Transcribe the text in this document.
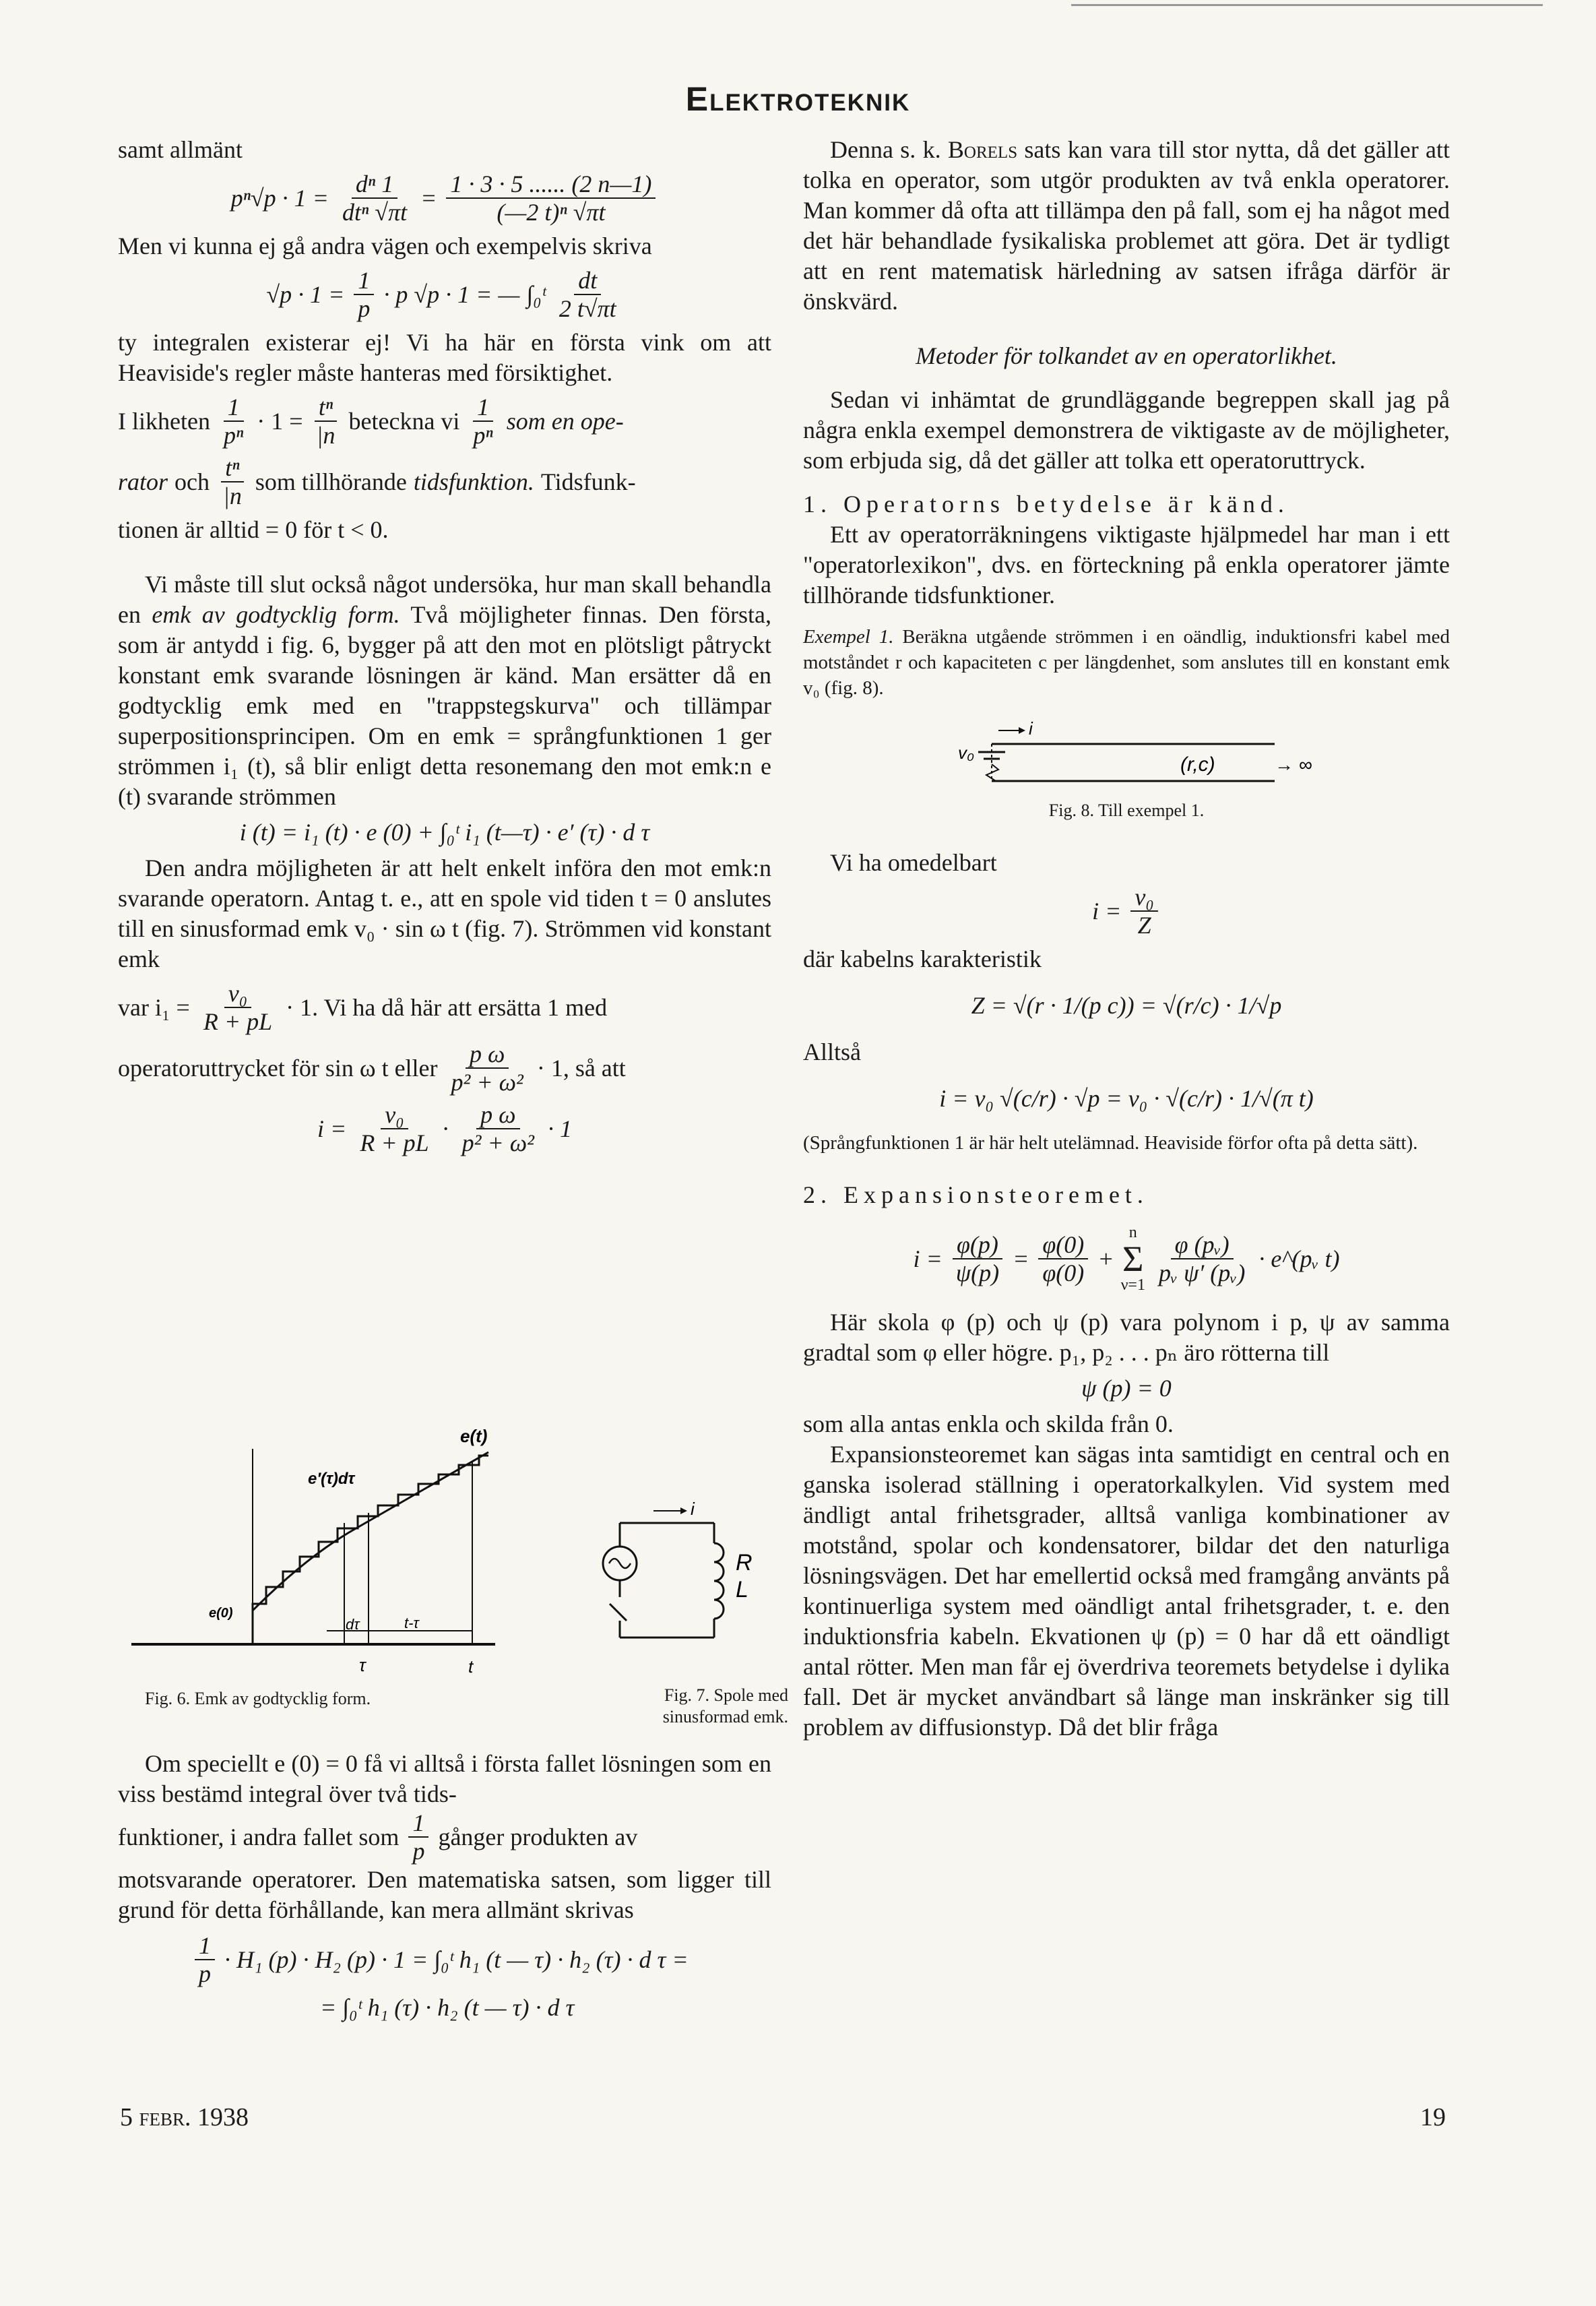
Elektroteknik

samt allmänt

$p^n√p \cdot 1 = \frac{\text{dⁿ 1}}{\text{dtⁿ √πt}} = \frac{1 \cdot 3 \cdot 5 ...... (2 n—1)}{\text{(—2 t)ⁿ √πt}}$

Men vi kunna ej gå andra vägen och exempelvis skriva

$√p \cdot 1 = \frac{1}{p} \cdot p$ √p · 1 = — ∫₀ᵗ $\frac{dt}{2 t√\pi t}$

ty integralen existerar ej! Vi ha här en första vink om att Heaviside's regler måste hanteras med försiktighet.

I likheten $\frac{1}{\text{pⁿ}} \cdot 1 = \frac{\text{tⁿ}}{|n}$ beteckna vi $\frac{1}{\text{pⁿ}}$ som en ope-
rator och $\frac{\text{tⁿ}}{|n}$ som tillhörande tidsfunktion. Tidsfunk-

tionen är alltid = 0 för t < 0.

Vi måste till slut också något undersöka, hur man skall behandla en emk av godtycklig form. Två möjligheter finnas. Den första, som är antydd i fig. 6, bygger på att den mot en plötsligt påtryckt konstant emk svarande lösningen är känd. Man ersätter då en godtycklig emk med en "trappstegskurva" och tillämpar superpositionsprincipen. Om en emk = språngfunktionen 1 ger strömmen i₁ (t), så blir enligt detta resonemang den mot emk:n e (t) svarande strömmen

i (t) = i₁ (t) · e (0) + ∫₀ᵗ i₁ (t—τ) · e′ (τ) · d τ

Den andra möjligheten är att helt enkelt införa den mot emk:n svarande operatorn. Antag t. e., att en spole vid tiden t = 0 anslutes till en sinusformad emk v₀ · sin ω t (fig. 7). Strömmen vid konstant emk

var $i_1 = \frac{\text{v₀}}{R + pL} \cdot 1$. Vi ha då här att ersätta 1 med
operatoruttrycket för sin ω t eller $\frac{\text{p ω}}{\text{p² + ω²}} \cdot 1$, så att
$i = \frac{\text{v₀}}{R + pL} \cdot \frac{\text{p ω}}{\text{p² + ω²}} \cdot 1$
e(t)
e′(τ)dτ
e(0)
dτ	t-τ
τ	t
Fig. 6. Emk av godtycklig form.
i
R
L
Fig. 7. Spole med sinusformad emk.

Om speciellt e (0) = 0 få vi alltså i första fallet lösningen som en viss bestämd integral över två tids-

funktioner, i andra fallet som $\frac{1}{p}$ gånger produkten av

motsvarande operatorer. Den matematiska satsen, som ligger till grund för detta förhållande, kan mera allmänt skrivas

$\frac{1}{p} \cdot H_1$ (p) · H₂ (p) · 1 = ∫₀ᵗ h₁ (t — τ) · h₂ (τ) · d τ =
= ∫₀ᵗ h₁ (τ) · h₂ (t — τ) · d τ

Denna s. k. Borels sats kan vara till stor nytta, då det gäller att tolka en operator, som utgör produkten av två enkla operatorer. Man kommer då ofta att tillämpa den på fall, som ej ha något med det här behandlade fysikaliska problemet att göra. Det är tydligt att en rent matematisk härledning av satsen ifråga därför är önskvärd.

Metoder för tolkandet av en operatorlikhet.

Sedan vi inhämtat de grundläggande begreppen skall jag på några enkla exempel demonstrera de viktigaste av de möjligheter, som erbjuda sig, då det gäller att tolka ett operatoruttryck.

1. Operatorns betydelse är känd.

Ett av operatorräkningens viktigaste hjälpmedel har man i ett "operatorlexikon", dvs. en förteckning på enkla operatorer jämte tillhörande tidsfunktioner.

Exempel 1. Beräkna utgående strömmen i en oändlig, induktionsfri kabel med motståndet r och kapaciteten c per längdenhet, som anslutes till en konstant emk v₀ (fig. 8).

i
v₀
(r,c)	→ ∞

Fig. 8. Till exempel 1.

Vi ha omedelbart

$i = \frac{\text{v₀}}{Z}$

där kabelns karakteristik

Z = √(r · 1/(p c)) = √(r/c) · 1/√p

Alltså

i = v₀ √(c/r) · √p = v₀ · √(c/r) · 1/√(π t)

(Språngfunktionen 1 är här helt utelämnad. Heaviside förfor ofta på detta sätt).

2. Expansionsteoremet.

$i = \frac{\varphi(p)}{\psi(p)} = \frac{\varphi(0)}{\varphi(0)}$ +
n
Σ
$\nu=1 \frac{\text{φ (pᵥ)}}{\text{pᵥ ψ′ (pᵥ)}}$ · e^(pᵥ t)

Här skola φ (p) och ψ (p) vara polynom i p, ψ av samma gradtal som φ eller högre. p₁, p₂ . . . pₙ äro rötterna till

ψ (p) = 0

som alla antas enkla och skilda från 0.

Expansionsteoremet kan sägas inta samtidigt en central och en ganska isolerad ställning i operatorkalkylen. Vid system med ändligt antal frihetsgrader, alltså vanliga kombinationer av motstånd, spolar och kondensatorer, bildar det den naturliga lösningsvägen. Det har emellertid också med framgång använts på kontinuerliga system med oändligt antal frihetsgrader, t. e. den induktionsfria kabeln. Ekvationen ψ (p) = 0 har då ett oändligt antal rötter. Men man får ej överdriva teoremets betydelse i dylika fall. Det är mycket användbart så länge man inskränker sig till problem av diffusionstyp. Då det blir fråga

5 febr. 1938	19
